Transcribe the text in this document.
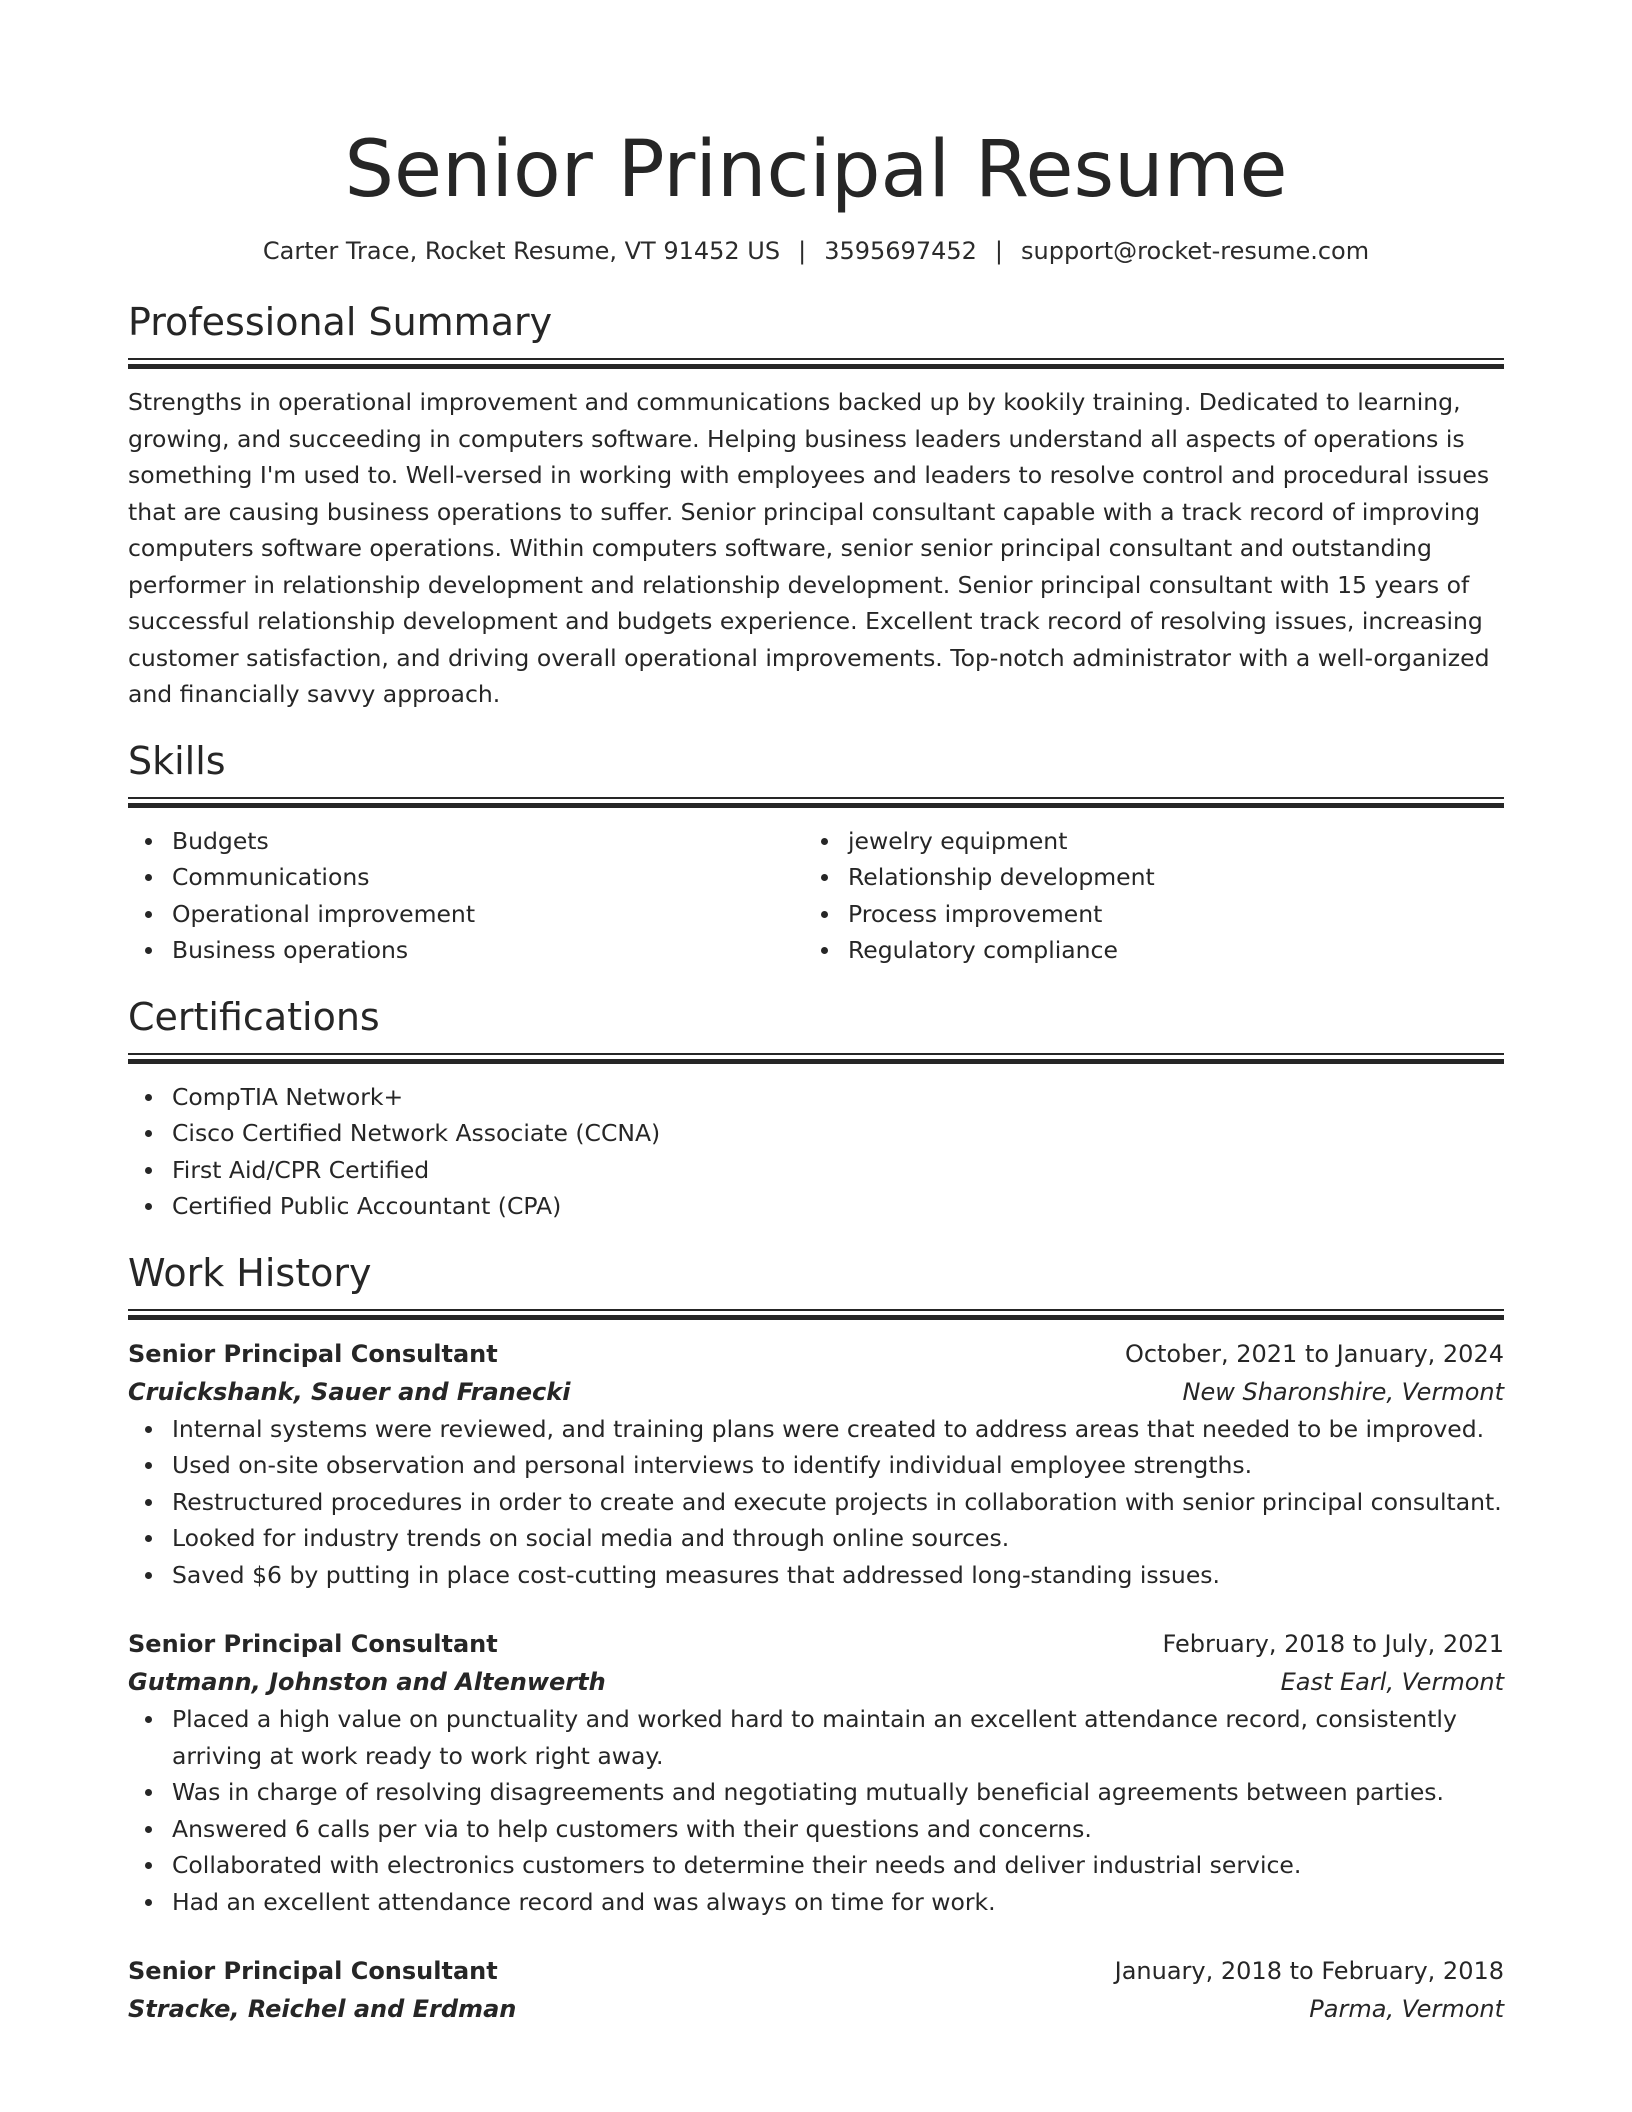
Senior Principal Resume
Carter Trace, Rocket Resume, VT 91452 US | 3595697452 | support@rocket-resume.com
Professional Summary

Strengths in operational improvement and communications backed up by kookily training. Dedicated to learning, growing, and succeeding in computers software. Helping business leaders understand all aspects of operations is something I'm used to. Well-versed in working with employees and leaders to resolve control and procedural issues that are causing business operations to suffer. Senior principal consultant capable with a track record of improving computers software operations. Within computers software, senior senior principal consultant and outstanding performer in relationship development and relationship development. Senior principal consultant with 15 years of successful relationship development and budgets experience. Excellent track record of resolving issues, increasing customer satisfaction, and driving overall operational improvements. Top-notch administrator with a well-organized and financially savvy approach.

Skills
Budgets
Communications
Operational improvement
Business operations
jewelry equipment
Relationship development
Process improvement
Regulatory compliance
Certifications
CompTIA Network+
Cisco Certified Network Associate (CCNA)
First Aid/CPR Certified
Certified Public Accountant (CPA)
Work History
Senior Principal Consultant	October, 2021 to January, 2024
Cruickshank, Sauer and Franecki	New Sharonshire, Vermont
Internal systems were reviewed, and training plans were created to address areas that needed to be improved.
Used on-site observation and personal interviews to identify individual employee strengths.
Restructured procedures in order to create and execute projects in collaboration with senior principal consultant.
Looked for industry trends on social media and through online sources.
Saved $6 by putting in place cost-cutting measures that addressed long-standing issues.
Senior Principal Consultant	February, 2018 to July, 2021
Gutmann, Johnston and Altenwerth	East Earl, Vermont
Placed a high value on punctuality and worked hard to maintain an excellent attendance record, consistently arriving at work ready to work right away.
Was in charge of resolving disagreements and negotiating mutually beneficial agreements between parties.
Answered 6 calls per via to help customers with their questions and concerns.
Collaborated with electronics customers to determine their needs and deliver industrial service.
Had an excellent attendance record and was always on time for work.
Senior Principal Consultant	January, 2018 to February, 2018
Stracke, Reichel and Erdman	Parma, Vermont
